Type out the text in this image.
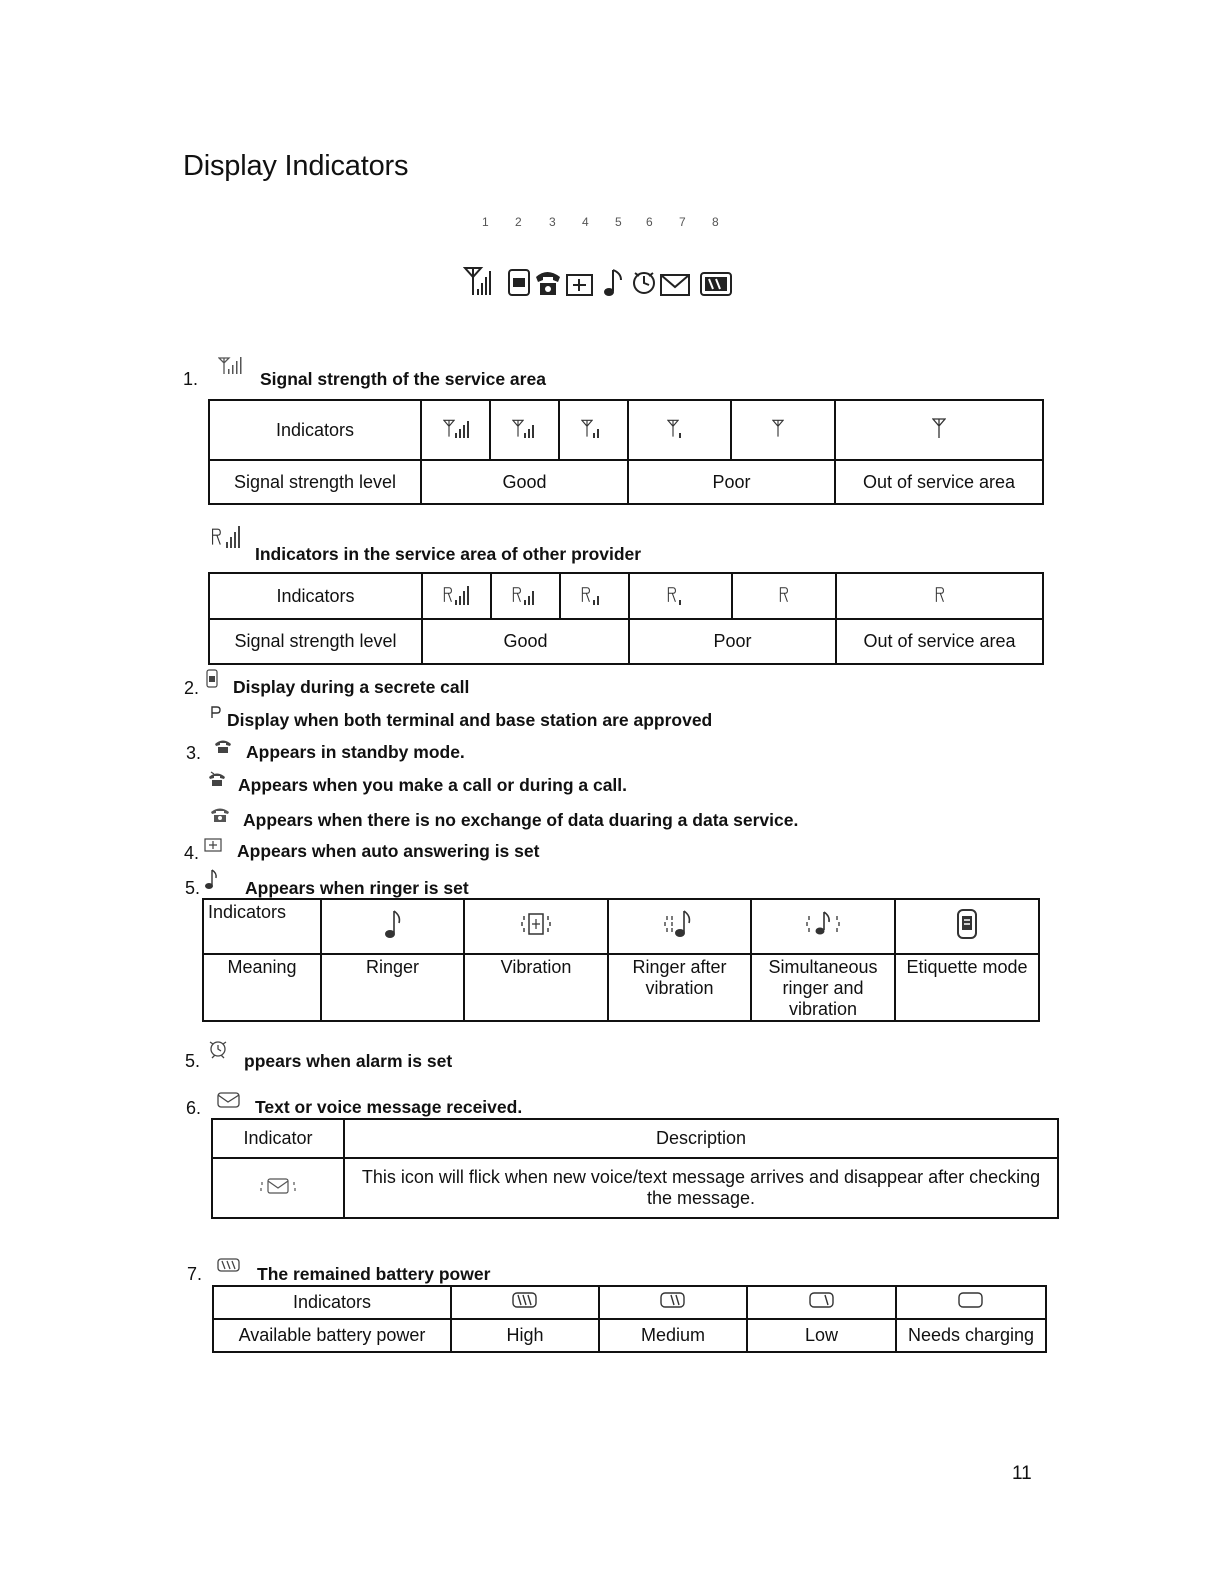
Display Indicators
1 2 3 4 5 6 7 8
1.	Signal strength of the service area
Indicators						
Signal strength level	Good			Poor		Out of service area
Indicators in the service area of other provider
Indicators						
Signal strength level	Good			Poor		Out of service area
2. Display during a secrete call
Display when both terminal and base station are approved
3.	Appears in standby mode.
Appears when you make a call or during a call.
Appears when there is no exchange of data duaring a data service.
4. Appears when auto answering is set
5.	Appears when ringer is set
Indicators					
Meaning	Ringer	Vibration	Ringer after vibration	Simultaneous ringer and vibration	Etiquette mode
5.	ppears when alarm is set
6.	Text or voice message received.
Indicator	Description
	This icon will flick when new voice/text message arrives and disappear after checking the message.
7.	The remained battery power
Indicators				
Available battery power	High	Medium	Low	Needs charging
11
